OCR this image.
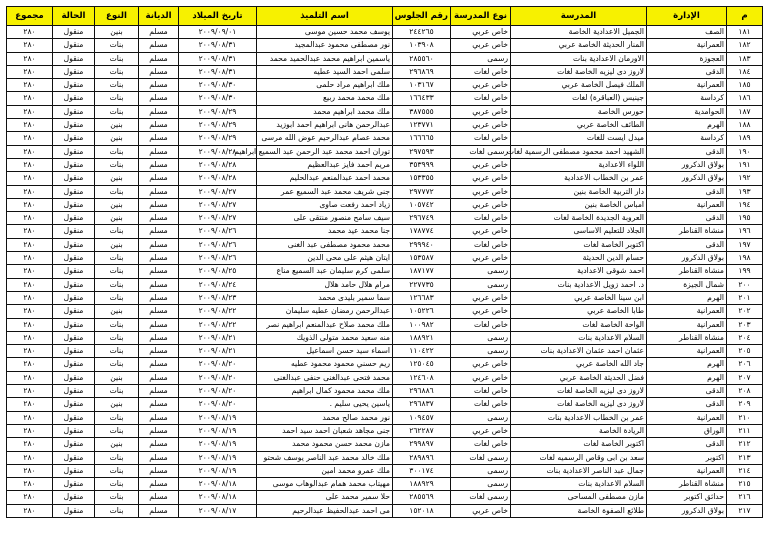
م	الإدارة	المدرسة	نوع المدرسة	رقم الجلوس	اسم التلميذ	تاريخ الميلاد	الديانة	النوع	الحالة	مجموع
١٨١	الصف	الجميل الاعدادية الخاصة	خاص عربي	٢٤٤٢٦٥	يوسف محمد حسين موسى	٢٠٠٩/٠٩/٠١	مسلم	بنين	منقول	٢٨٠
١٨٢	العمرانية	المنار الحديثة الخاصة عربي	خاص عربي	١٠٣٩٠٨	نور مصطفى محمود عبدالمجيد	٢٠٠٩/٠٨/٣١	مسلم	بنات	منقول	٢٨٠
١٨٣	العجوزة	الاورمان الاعدادية بنات	رسمى	٢٨٥٥٦٠	ياسمين ابراهيم محمد عبدالحميد محمد	٢٠٠٩/٠٨/٣١	مسلم	بنات	منقول	٢٨٠
١٨٤	الدقى	لاروز دى ليزيه الخاصة لغات	خاص لغات	٢٩٦٨٦٩	سلمى احمد السيد عطيه	٢٠٠٩/٠٨/٣١	مسلم	بنات	منقول	٢٨٠
١٨٥	العمرانية	الملك فيصل الخاصة عربي	خاص عربي	١٠٣١٦٧	ملك ابراهيم مراد حلمى	٢٠٠٩/٠٨/٣٠	مسلم	بنات	منقول	٢٨٠
١٨٦	كرداسة	جينيس (العباقرة) لغات	خاص لغات	١٦٦٤٣٣	ملك محمد محمد ربيع	٢٠٠٩/٠٨/٣٠	مسلم	بنات	منقول	٢٨٠
١٨٧	الحوامدية	حورس الخاصة	خاص عربي	٣٨٧٥٥٥	ملك محمد ابراهيم محمد	٢٠٠٩/٠٨/٢٩	مسلم	بنات	منقول	٢٨٠
١٨٨	الهرم	الطائف الخاصة عربي	خاص عربي	١٢٣٧٧١	عبدالرحمن هانى ابراهيم احمد ابوزيد	٢٠٠٩/٠٨/٢٩	مسلم	بنين	منقول	٢٨٠
١٨٩	كرداسة	ميدل ايست للغات	خاص لغات	١٦٦٦٦٥	محمد عصام عبدالرحيم عوض الله مرسى	٢٠٠٩/٠٨/٢٩	مسلم	بنين	منقول	٢٨٠
١٩٠	الدقى	الشهيد احمد محمود مصطفى الرسمية لغات	رسمى لغات	٢٩٧٥٩٣	توران احمد محمد عبد الرحمن عبد السميع ابراهيم	٢٠٠٩/٠٨/٢٨	مسلم	بنات	منقول	٢٨٠
١٩١	بولاق الدكرور	اللواء الاعدادية	خاص عربي	٣٥٣٩٩٩	مريم احمد فايز عبدالعظيم	٢٠٠٩/٠٨/٢٨	مسلم	بنات	منقول	٢٨٠
١٩٢	بولاق الدكرور	عمر بن الخطاب الاعدادية	خاص عربي	١٥٣٣٥٥	محمد احمد عبدالمنعم عبدالحليم	٢٠٠٩/٠٨/٢٨	مسلم	بنين	منقول	٢٨٠
١٩٣	الدقى	دار التربية الخاصة بنين	خاص عربي	٢٩٧٧٧٢	جنى شريف محمد عبد السميع عمر	٢٠٠٩/٠٨/٢٧	مسلم	بنات	منقول	٢٨٠
١٩٤	العمرانية	امباس الخاصة بنين	خاص عربي	١٠٥٧٤٢	زياد احمد رفعت صاوى	٢٠٠٩/٠٨/٢٧	مسلم	بنين	منقول	٢٨٠
١٩٥	الدقى	العروبة الجديدة الخاصة لغات	خاص لغات	٢٩٦٧٤٩	سيف سامح منصور منتقى على	٢٠٠٩/٠٨/٢٧	مسلم	بنين	منقول	٢٨٠
١٩٦	منشاة القناطر	الجلاد للتعليم الاساسى	خاص عربي	١٧٨٧٧٤	جنا محمد عيد محمد	٢٠٠٩/٠٨/٢٦	مسلم	بنات	منقول	٢٨٠
١٩٧	الدقى	اكتوبر الخاصة لغات	خاص لغات	٢٩٩٩٤٠	محمد محمود مصطفى عبد الغنى	٢٠٠٩/٠٨/٢٦	مسلم	بنين	منقول	٢٨٠
١٩٨	بولاق الدكرور	حسام الدين الحديثة	خاص عربي	١٥٣٥٨٧	ايتان هيثم على محى الدين	٢٠٠٩/٠٨/٢٦	مسلم	بنات	منقول	٢٨٠
١٩٩	منشاة القناطر	احمد شوقى الاعدادية	رسمى	١٨٧١٧٧	سلمى كرم سليمان عبد السميع مناع	٢٠٠٩/٠٨/٢٥	مسلم	بنات	منقول	٢٨٠
٢٠٠	شمال الجيزة	د. احمد زويل الاعدادية بنات	رسمى	٢٢٧٧٣٥	مرام هلال حامد هلال	٢٠٠٩/٠٨/٢٤	مسلم	بنات	منقول	٢٨٠
٢٠١	الهرم	ابن سينا الخاصة عربي	خاص عربي	١٢٦٦٨٣	سما سمير بليدى محمد	٢٠٠٩/٠٨/٢٣	مسلم	بنات	منقول	٢٨٠
٢٠٢	العمرانية	طابا الخاصة عربي	خاص عربي	١٠٥٢٢٦	عبدالرحمن رمضان عطيه سليمان	٢٠٠٩/٠٨/٢٢	مسلم	بنين	منقول	٢٨٠
٢٠٣	العمرانية	الواحة الخاصة لغات	خاص لغات	١٠٠٩٨٢	ملك محمد صلاح عبدالمنعم ابراهيم نصر	٢٠٠٩/٠٨/٢٢	مسلم	بنات	منقول	٢٨٠
٢٠٤	منشاة القناطر	السلام الاعدادية بنات	رسمى	١٨٨٩٢١	منه سعيد محمد متولى الذويك	٢٠٠٩/٠٨/٢١	مسلم	بنات	منقول	٢٨٠
٢٠٥	العمرانية	عثمان احمد عثمان الاعدادية بنات	رسمى	١١٠٤٢٢	اسماء سيد حسن اسماعيل	٢٠٠٩/٠٨/٢١	مسلم	بنات	منقول	٢٨٠
٢٠٦	الهرم	جاد الله الخاصة عربي	خاص عربي	١٢٥٠٤٥	ريم حسني محمود محمود عطيه	٢٠٠٩/٠٨/٢٠	مسلم	بنات	منقول	٢٨٠
٢٠٧	الهرم	فضل الحديثة الخاصة عربي	خاص عربي	١٢٤٦٠٨	محمد فتحى عبدالغنى حنفى عبدالغنى	٢٠٠٩/٠٨/٢٠	مسلم	بنين	منقول	٢٨٠
٢٠٨	الدقى	لاروز دى ليزيه الخاصة لغات	خاص لغات	٢٩٦٨٨٦	ملك محمد محمود كمال ابراهيم	٢٠٠٩/٠٨/٢٠	مسلم	بنات	منقول	٢٨٠
٢٠٩	الدقى	لاروز دى ليزيه الخاصة لغات	خاص لغات	٢٩٦٨٣٧	ياسين يحيى سليم .	٢٠٠٩/٠٨/٢٠	مسلم	بنين	منقول	٢٨٠
٢١٠	العمرانية	عمر بن الخطاب الاعدادية بنات	رسمى	١٠٩٤٥٧	نور محمد صالح محمد	٢٠٠٩/٠٨/١٩	مسلم	بنات	منقول	٢٨٠
٢١١	الوراق	الريادة الخاصة	خاص عربي	٢٦٢٢٨٧	جنى مجاهد شعبان احمد سيد احمد	٢٠٠٩/٠٨/١٩	مسلم	بنات	منقول	٢٨٠
٢١٢	الدقى	اكتوبر الخاصة لغات	خاص لغات	٢٩٩٨٩٧	مازن محمد حسن محمود محمد	٢٠٠٩/٠٨/١٩	مسلم	بنين	منقول	٢٨٠
٢١٣	اكتوبر	سعد بن ابى وقاص الرسميه لغات	رسمى لغات	٢٨٩٨٩٦	ملك خالد محمد عبد الناصر يوسف شحتو	٢٠٠٩/٠٨/١٩	مسلم	بنات	منقول	٢٨٠
٢١٤	العمرانية	جمال عبد الناصر الاعدادية بنات	رسمى	٣٠٠١٧٤	ملك عمرو محمد امين	٢٠٠٩/٠٨/١٩	مسلم	بنات	منقول	٢٨٠
٢١٥	منشاة القناطر	السلام الاعدادية بنات	رسمى	١٨٨٩٢٩	مهيتاب محمد همام عبدالوهاب موسى	٢٠٠٩/٠٨/١٨	مسلم	بنات	منقول	٢٨٠
٢١٦	حدائق اكتوبر	مازن مصطفى المساحى	رسمى لغات	٢٨٥٥٦٩	حلا سمير محمد على	٢٠٠٩/٠٨/١٨	مسلم	بنات	منقول	٢٨٠
٢١٧	بولاق الدكرور	طلائع الصفوة الخاصة	خاص عربي	١٥٢٠١٨	مى احمد عبدالحفيظ عبدالرحيم	٢٠٠٩/٠٨/١٧	مسلم	بنات	منقول	٢٨٠
